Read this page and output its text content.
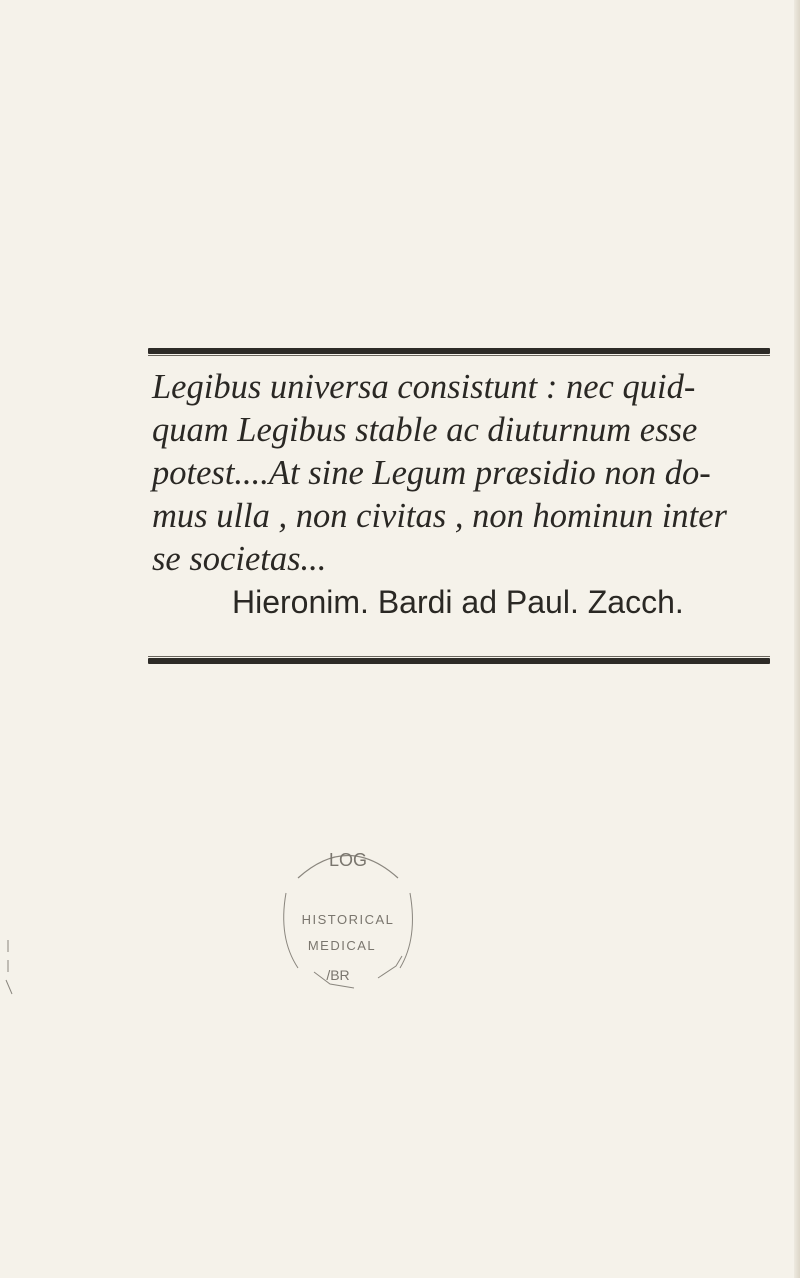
Legibus universa consistunt : nec quid-

quam Legibus stable ac diuturnum esse

potest....At sine Legum præsidio non do-

mus ulla , non civitas , non hominun inter

se societas...

Hieronim. Bardi ad Paul. Zacch.

LOG
HISTORICAL
MEDICAL
/BR
